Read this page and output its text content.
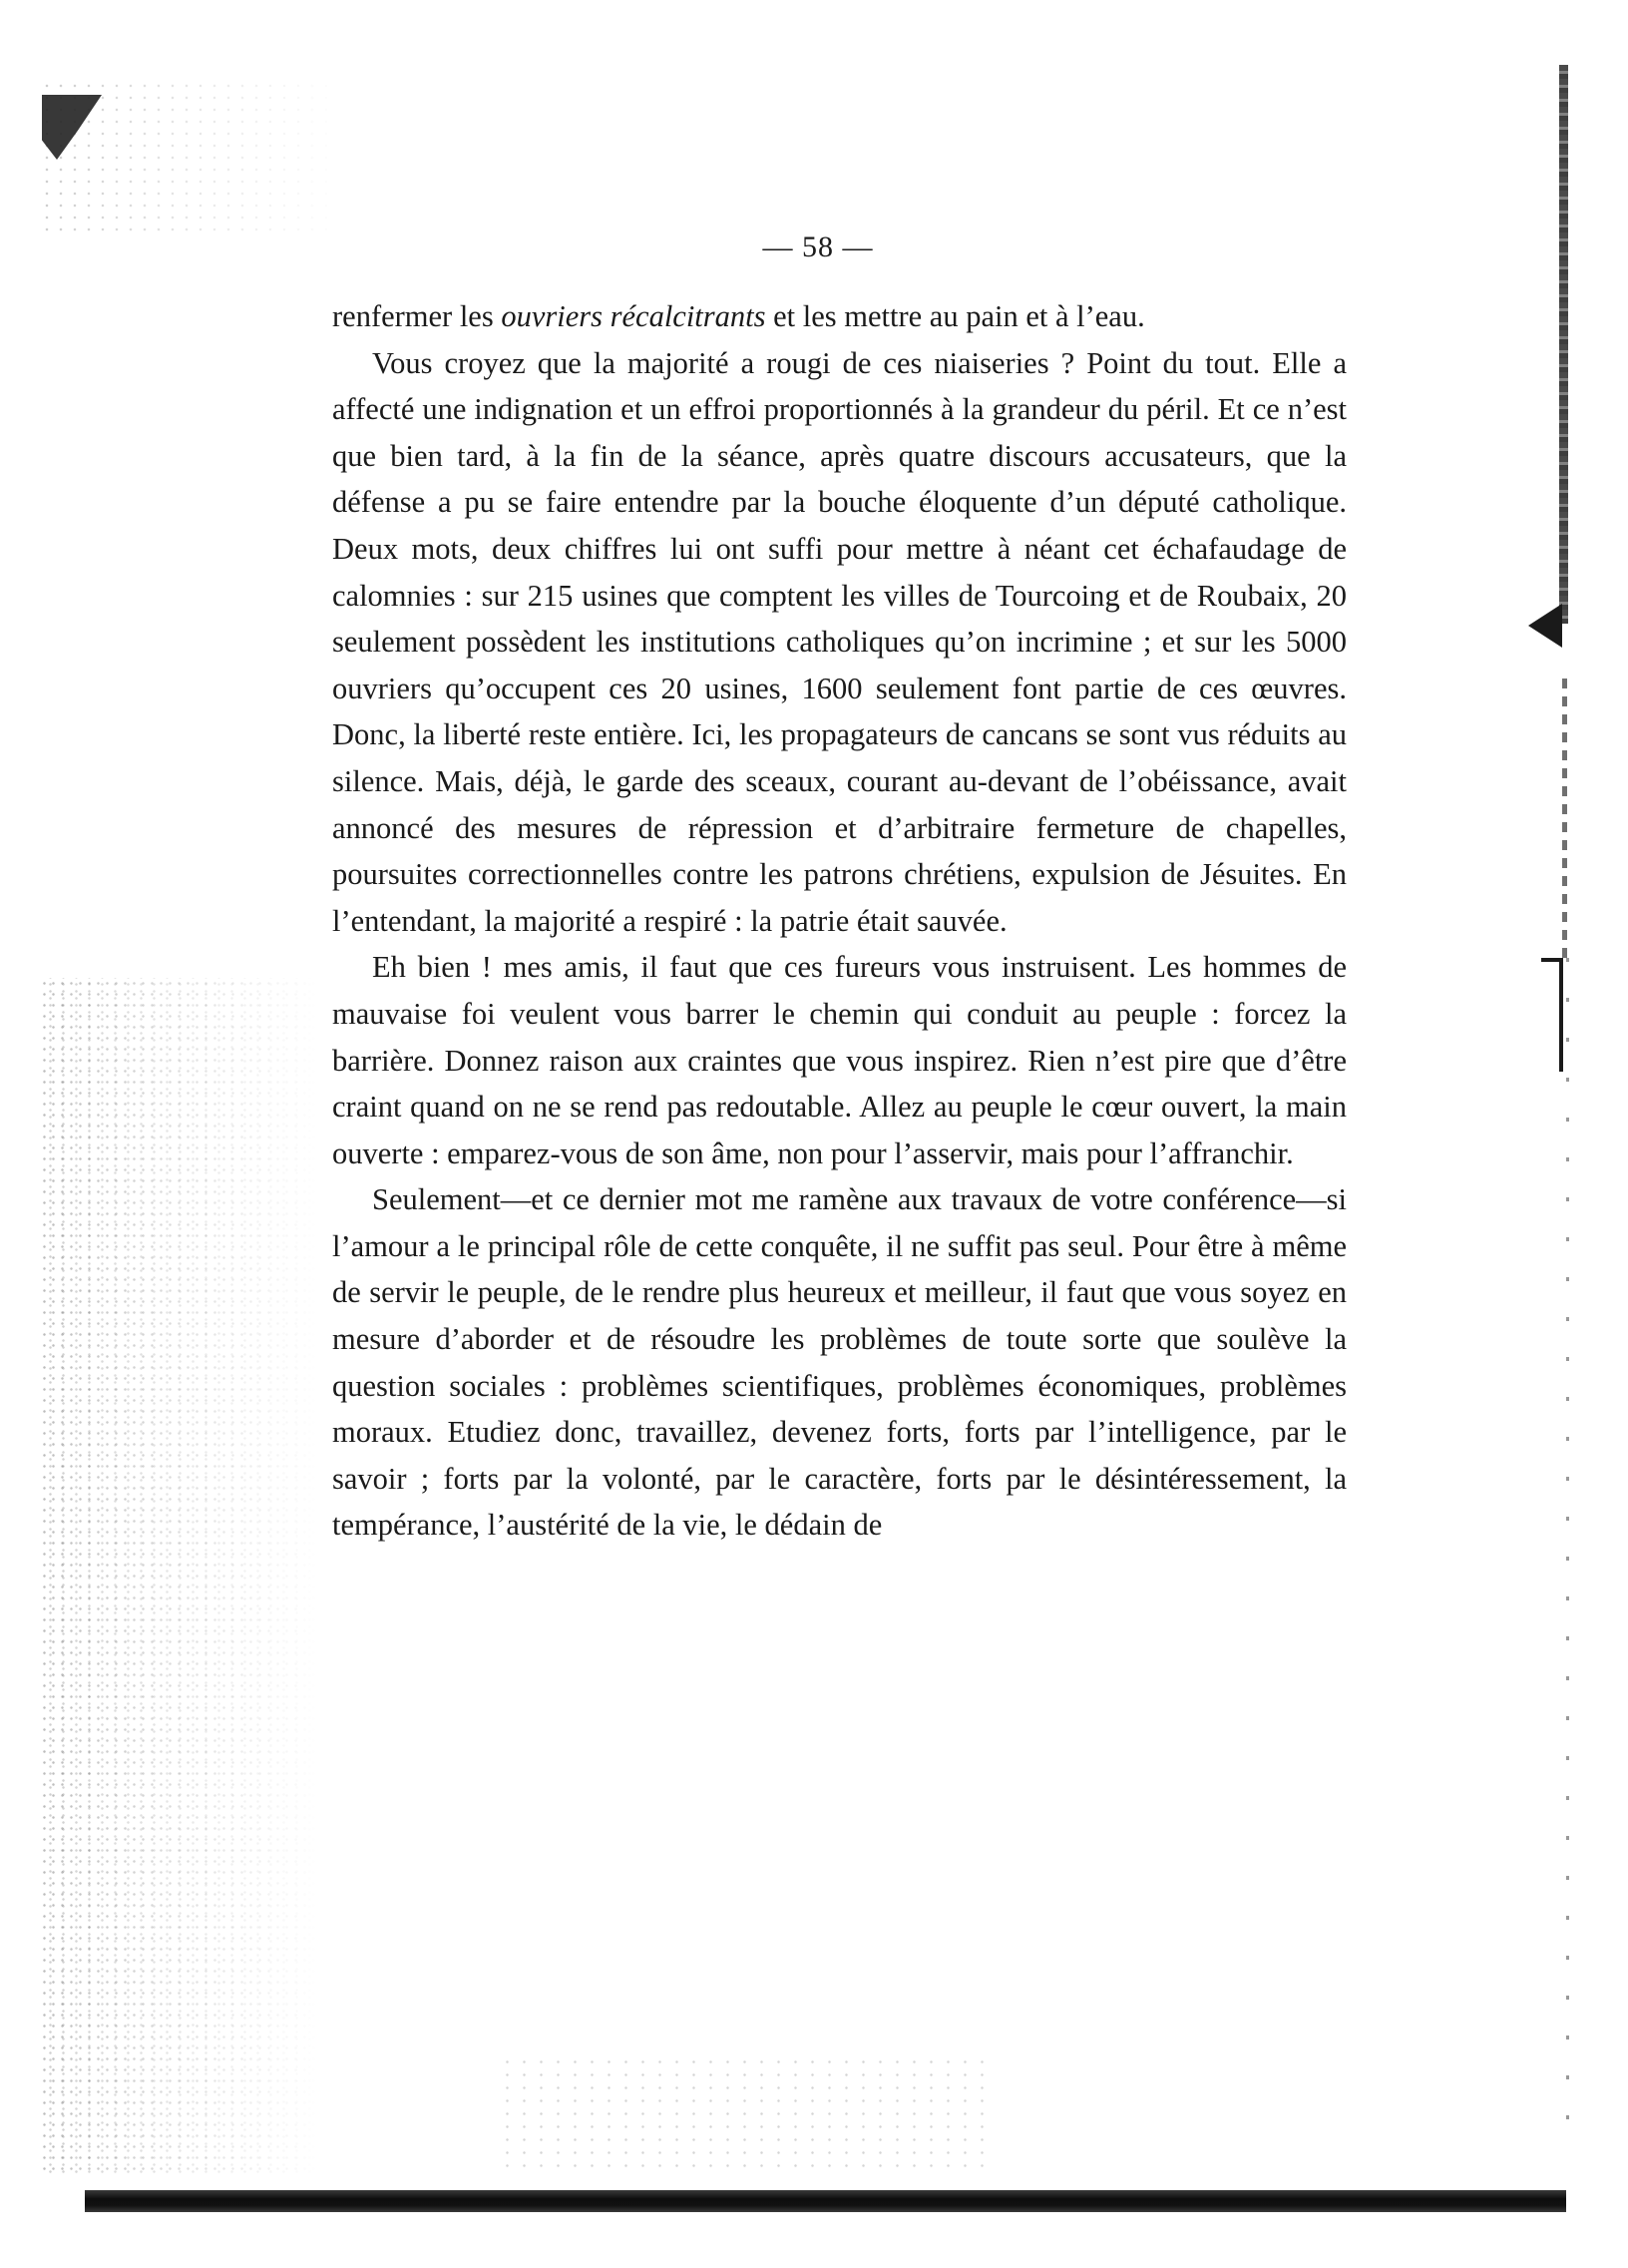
— 58 —

renfermer les ouvriers récalcitrants et les mettre au pain et à l’eau.

Vous croyez que la majorité a rougi de ces niaiseries ? Point du tout. Elle a affecté une indignation et un effroi proportionnés à la grandeur du péril. Et ce n’est que bien tard, à la fin de la séance, après quatre discours accusateurs, que la défense a pu se faire entendre par la bouche éloquente d’un député catholique. Deux mots, deux chiffres lui ont suffi pour mettre à néant cet échafaudage de calomnies : sur 215 usines que comptent les villes de Tourcoing et de Roubaix, 20 seulement possèdent les institutions catholiques qu’on incrimine ; et sur les 5000 ouvriers qu’occupent ces 20 usines, 1600 seulement font partie de ces œuvres. Donc, la liberté reste entière. Ici, les propagateurs de cancans se sont vus réduits au silence. Mais, déjà, le garde des sceaux, courant au-devant de l’obéissance, avait annoncé des mesures de répression et d’arbitraire fermeture de chapelles, poursuites correctionnelles contre les patrons chrétiens, expulsion de Jésuites. En l’entendant, la majorité a respiré : la patrie était sauvée.

Eh bien ! mes amis, il faut que ces fureurs vous instruisent. Les hommes de mauvaise foi veulent vous barrer le chemin qui conduit au peuple : forcez la barrière. Donnez raison aux craintes que vous inspirez. Rien n’est pire que d’être craint quand on ne se rend pas redoutable. Allez au peuple le cœur ouvert, la main ouverte : emparez-vous de son âme, non pour l’asservir, mais pour l’affranchir.

Seulement—et ce dernier mot me ramène aux travaux de votre conférence—si l’amour a le principal rôle de cette conquête, il ne suffit pas seul. Pour être à même de servir le peuple, de le rendre plus heureux et meilleur, il faut que vous soyez en mesure d’aborder et de résoudre les problèmes de toute sorte que soulève la question sociales : problèmes scientifiques, problèmes économiques, problèmes moraux. Etudiez donc, travaillez, devenez forts, forts par l’intelligence, par le savoir ; forts par la volonté, par le caractère, forts par le désintéressement, la tempérance, l’austérité de la vie, le dédain de
